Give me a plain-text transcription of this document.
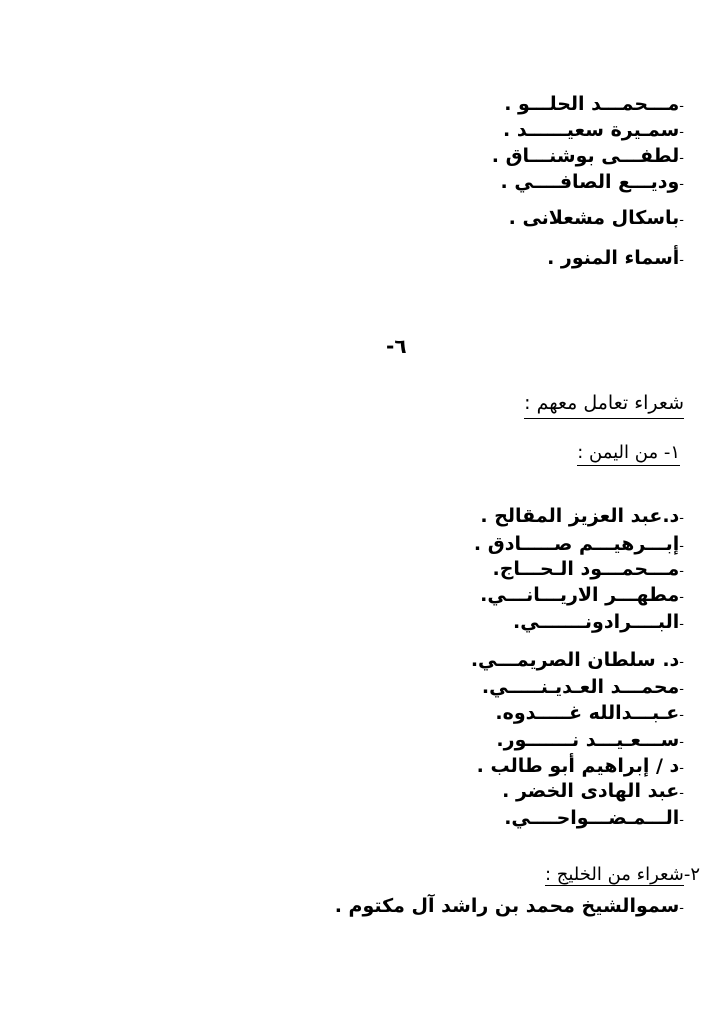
-مـــحمـــد الحلـــو .
-سمـيرة سعيــــــد .
-لطفـــى بوشنـــاق .
-وديـــع الصافــــي .
-باسكال مشعلانى .
-أسماء المنور .
٦-
شعراء تعامل معهم :
١- من اليمن :
-د.عبد العزيز المقالح .
-إبـــرهيـــم صـــــادق .
-مـــحمـــود الـحـــاج.
-مطهـــر الاريـــانـــي.
-البــــرادونـــــــي.
-د. سلطان الصريمـــي.
-محمـــد العـديـنـــــي.
-عـبـــدالله غـــــدوه.
-ســـعـيـــد نـــــــور.
-د / إبراهيم أبو طالب .
-عبد الهادى الخضر .
-الـــمـضـــواحــــي.
٢-شعراء من الخليج :
-سموالشيخ محمد بن راشد آل مكتوم .
